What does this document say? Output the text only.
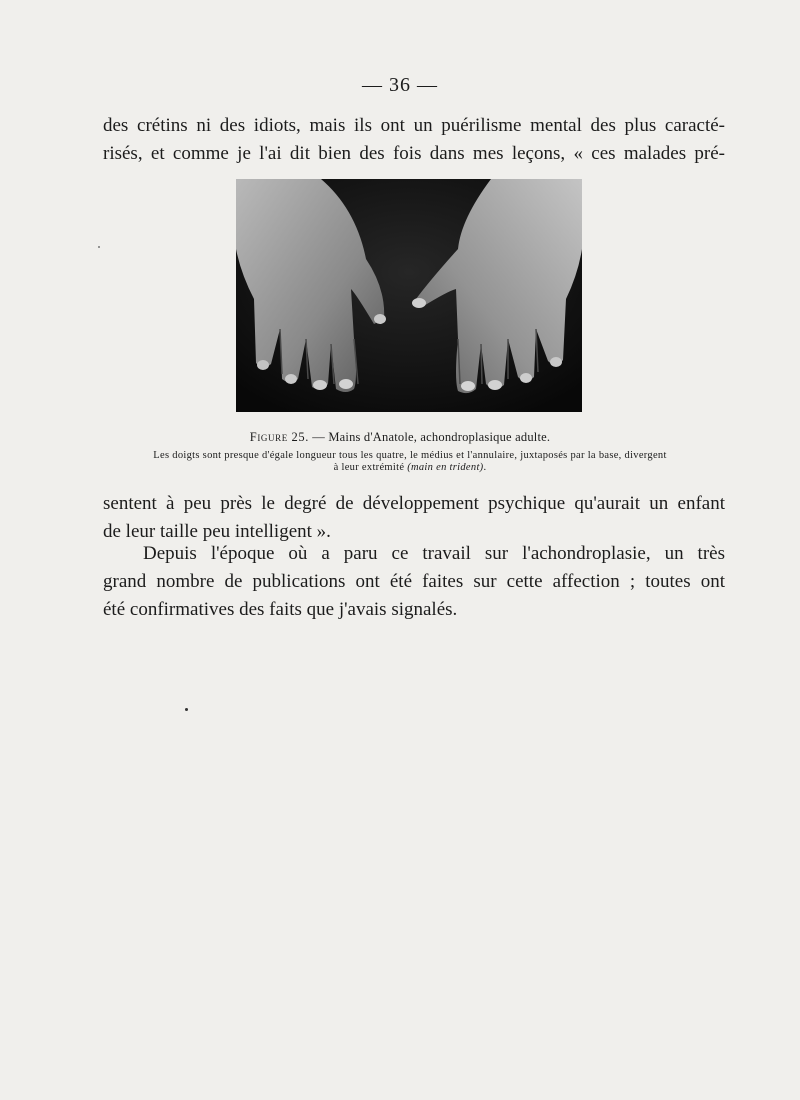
— 36 —
des crétins ni des idiots, mais ils ont un puérilisme mental des plus caracté-
risés, et comme je l'ai dit bien des fois dans mes leçons, « ces malades pré-
Figure 25. — Mains d'Anatole, achondroplasique adulte.
Les doigts sont presque d'égale longueur tous les quatre, le médius et l'annulaire, juxtaposés par la base, divergent à leur extrémité (main en trident).
sentent à peu près le degré de développement psychique qu'aurait un enfant
de leur taille peu intelligent ».
Depuis l'époque où a paru ce travail sur l'achondroplasie, un très
grand nombre de publications ont été faites sur cette affection ; toutes ont
été confirmatives des faits que j'avais signalés.
